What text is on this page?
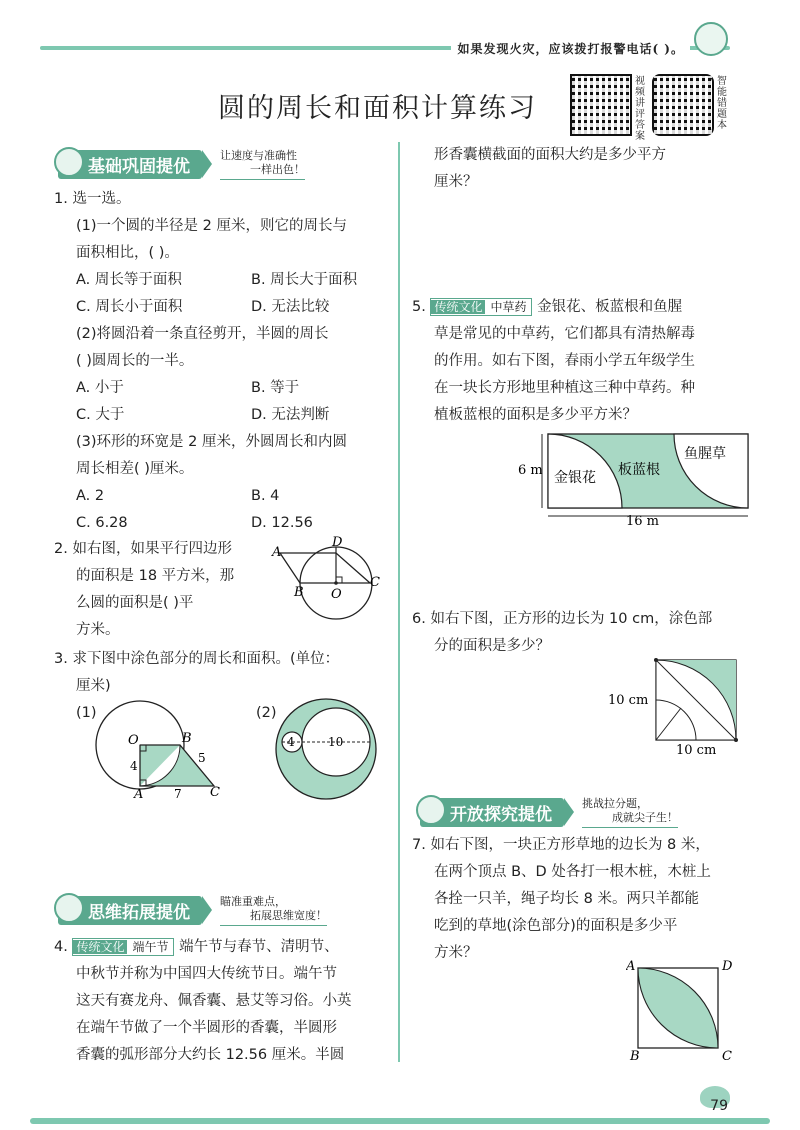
如果发现火灾，应该拨打报警电话( )。
圆的周长和面积计算练习
视频讲评答案
智能错题本
基础巩固提优
让速度与准确性
一样出色！
1. 选一选。
(1)一个圆的半径是 2 厘米，则它的周长与
面积相比，( )。
A. 周长等于面积	B. 周长大于面积
C. 周长小于面积	D. 无法比较
(2)将圆沿着一条直径剪开，半圆的周长
( )圆周长的一半。
A. 小于	B. 等于
C. 大于	D. 无法判断
(3)环形的环宽是 2 厘米，外圆周长和内圆
周长相差( )厘米。
A. 2	B. 4
C. 6.28	D. 12.56
2. 如右图，如果平行四边形
的面积是 18 平方米，那
么圆的面积是( )平
方米。
A
D
C
B O
3. 求下图中涂色部分的周长和面积。(单位：
厘米)
(1)	(2)
O	B
A	C
4
5
7
4	10
思维拓展提优
瞄准重难点，
拓展思维宽度！
4. 传统文化 端午节 端午节与春节、清明节、
中秋节并称为中国四大传统节日。端午节
这天有赛龙舟、佩香囊、悬艾等习俗。小英
在端午节做了一个半圆形的香囊，半圆形
香囊的弧形部分大约长 12.56 厘米。半圆
形香囊横截面的面积大约是多少平方
厘米？
5. 传统文化 中草药 金银花、板蓝根和鱼腥
草是常见的中草药，它们都具有清热解毒
的作用。如右下图，春雨小学五年级学生
在一块长方形地里种植这三种中草药。种
植板蓝根的面积是多少平方米？
6 m
16 m
金银花 板蓝根
鱼腥草
6. 如右下图，正方形的边长为 10 cm，涂色部
分的面积是多少？
10 cm
10 cm
开放探究提优
挑战拉分题，
成就尖子生！
7. 如右下图，一块正方形草地的边长为 8 米，
在两个顶点 B、D 处各打一根木桩，木桩上
各拴一只羊，绳子均长 8 米。两只羊都能
吃到的草地(涂色部分)的面积是多少平
方米？
A	D
B	C
79
